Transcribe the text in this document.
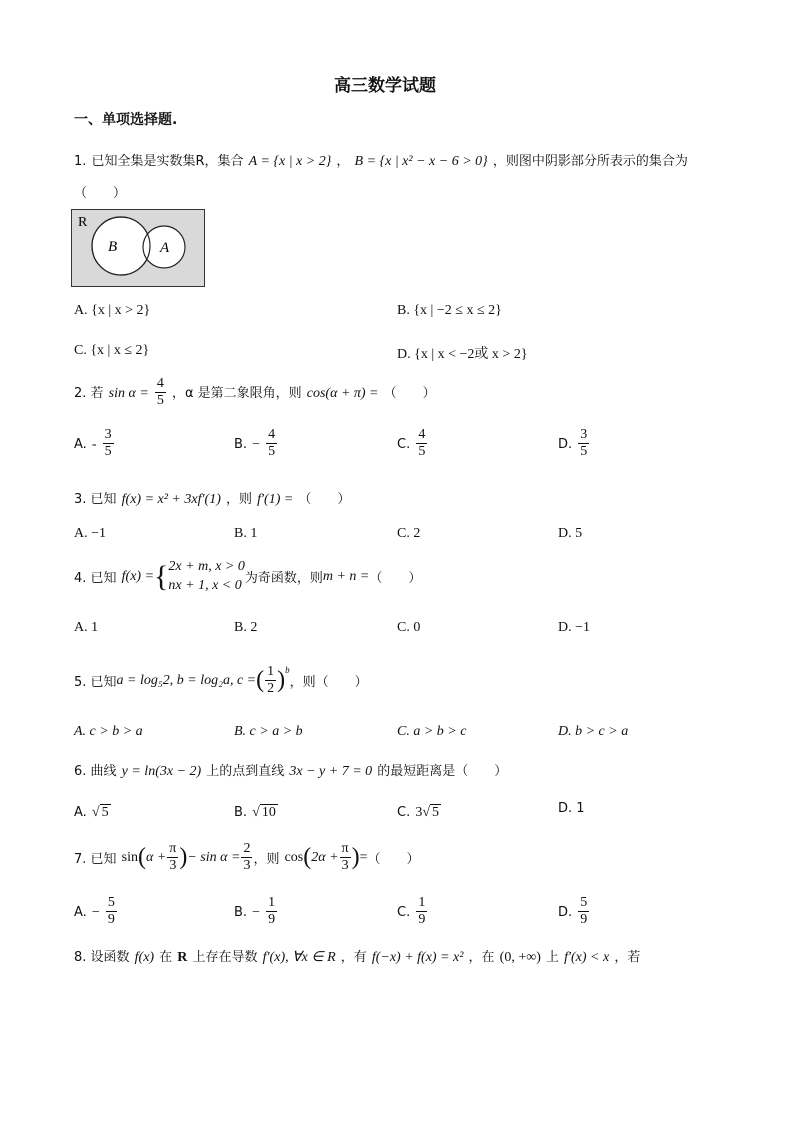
高三数学试题
一、单项选择题.
1. 已知全集是实数集R，集合 A = {x | x > 2} ， B = {x | x² − x − 6 > 0} ，则图中阴影部分所表示的集合为
（　　）
R
B	A
A. {x | x > 2}	B. {x | −2 ≤ x ≤ 2}
C. {x | x ≤ 2}	D. {x | x < −2或 x > 2}
2. 若 $\sin \alpha = \frac{4}{5}$ ，α 是第二象限角，则 cos(α + π) = （　　）
A. - $\frac{3}{5}$	B. − $\frac{4}{5}$	C. $\frac{4}{5}$	D. $\frac{3}{5}$
3. 已知 f(x) = x² + 3xf′(1) ，则 f′(1) = （　　）
A. −1	B. 1	C. 2	D. 5
4. 已知
f(x) = { 2x + m, x > 0
nx + 1, x < 0 为奇函数，则 m + n = （　　）
A. 1	B. 2	C. 0	D. −1
5. 已知 a = log₅2, b = log₂a, c = ( $\frac{1}{2} )^b$
，则（　　）
A. c > b > a	B. c > a > b	C. a > b > c	D. b > c > a
6. 曲线 y = ln(3x − 2) 上的点到直线 3x − y + 7 = 0 的最短距离是（　　）
A. √ 5	B. √ 10	C. 3√ 5	D. 1
7. 已知
sin ( $\alpha + \frac{\pi}{3}$ ) − $\sin \alpha = \frac{2}{3}$ ，则
cos ( $2\alpha + \frac{\pi}{3}$ ) = （　　）
A. − $\frac{5}{9}$	B. − $\frac{1}{9}$	C. $\frac{1}{9}$	D. $\frac{5}{9}$
8. 设函数 f(x) 在 R 上存在导数 f′(x), ∀x ∈ R ，有 f(−x) + f(x) = x² ，在 (0, +∞) 上 f′(x) < x ，若
